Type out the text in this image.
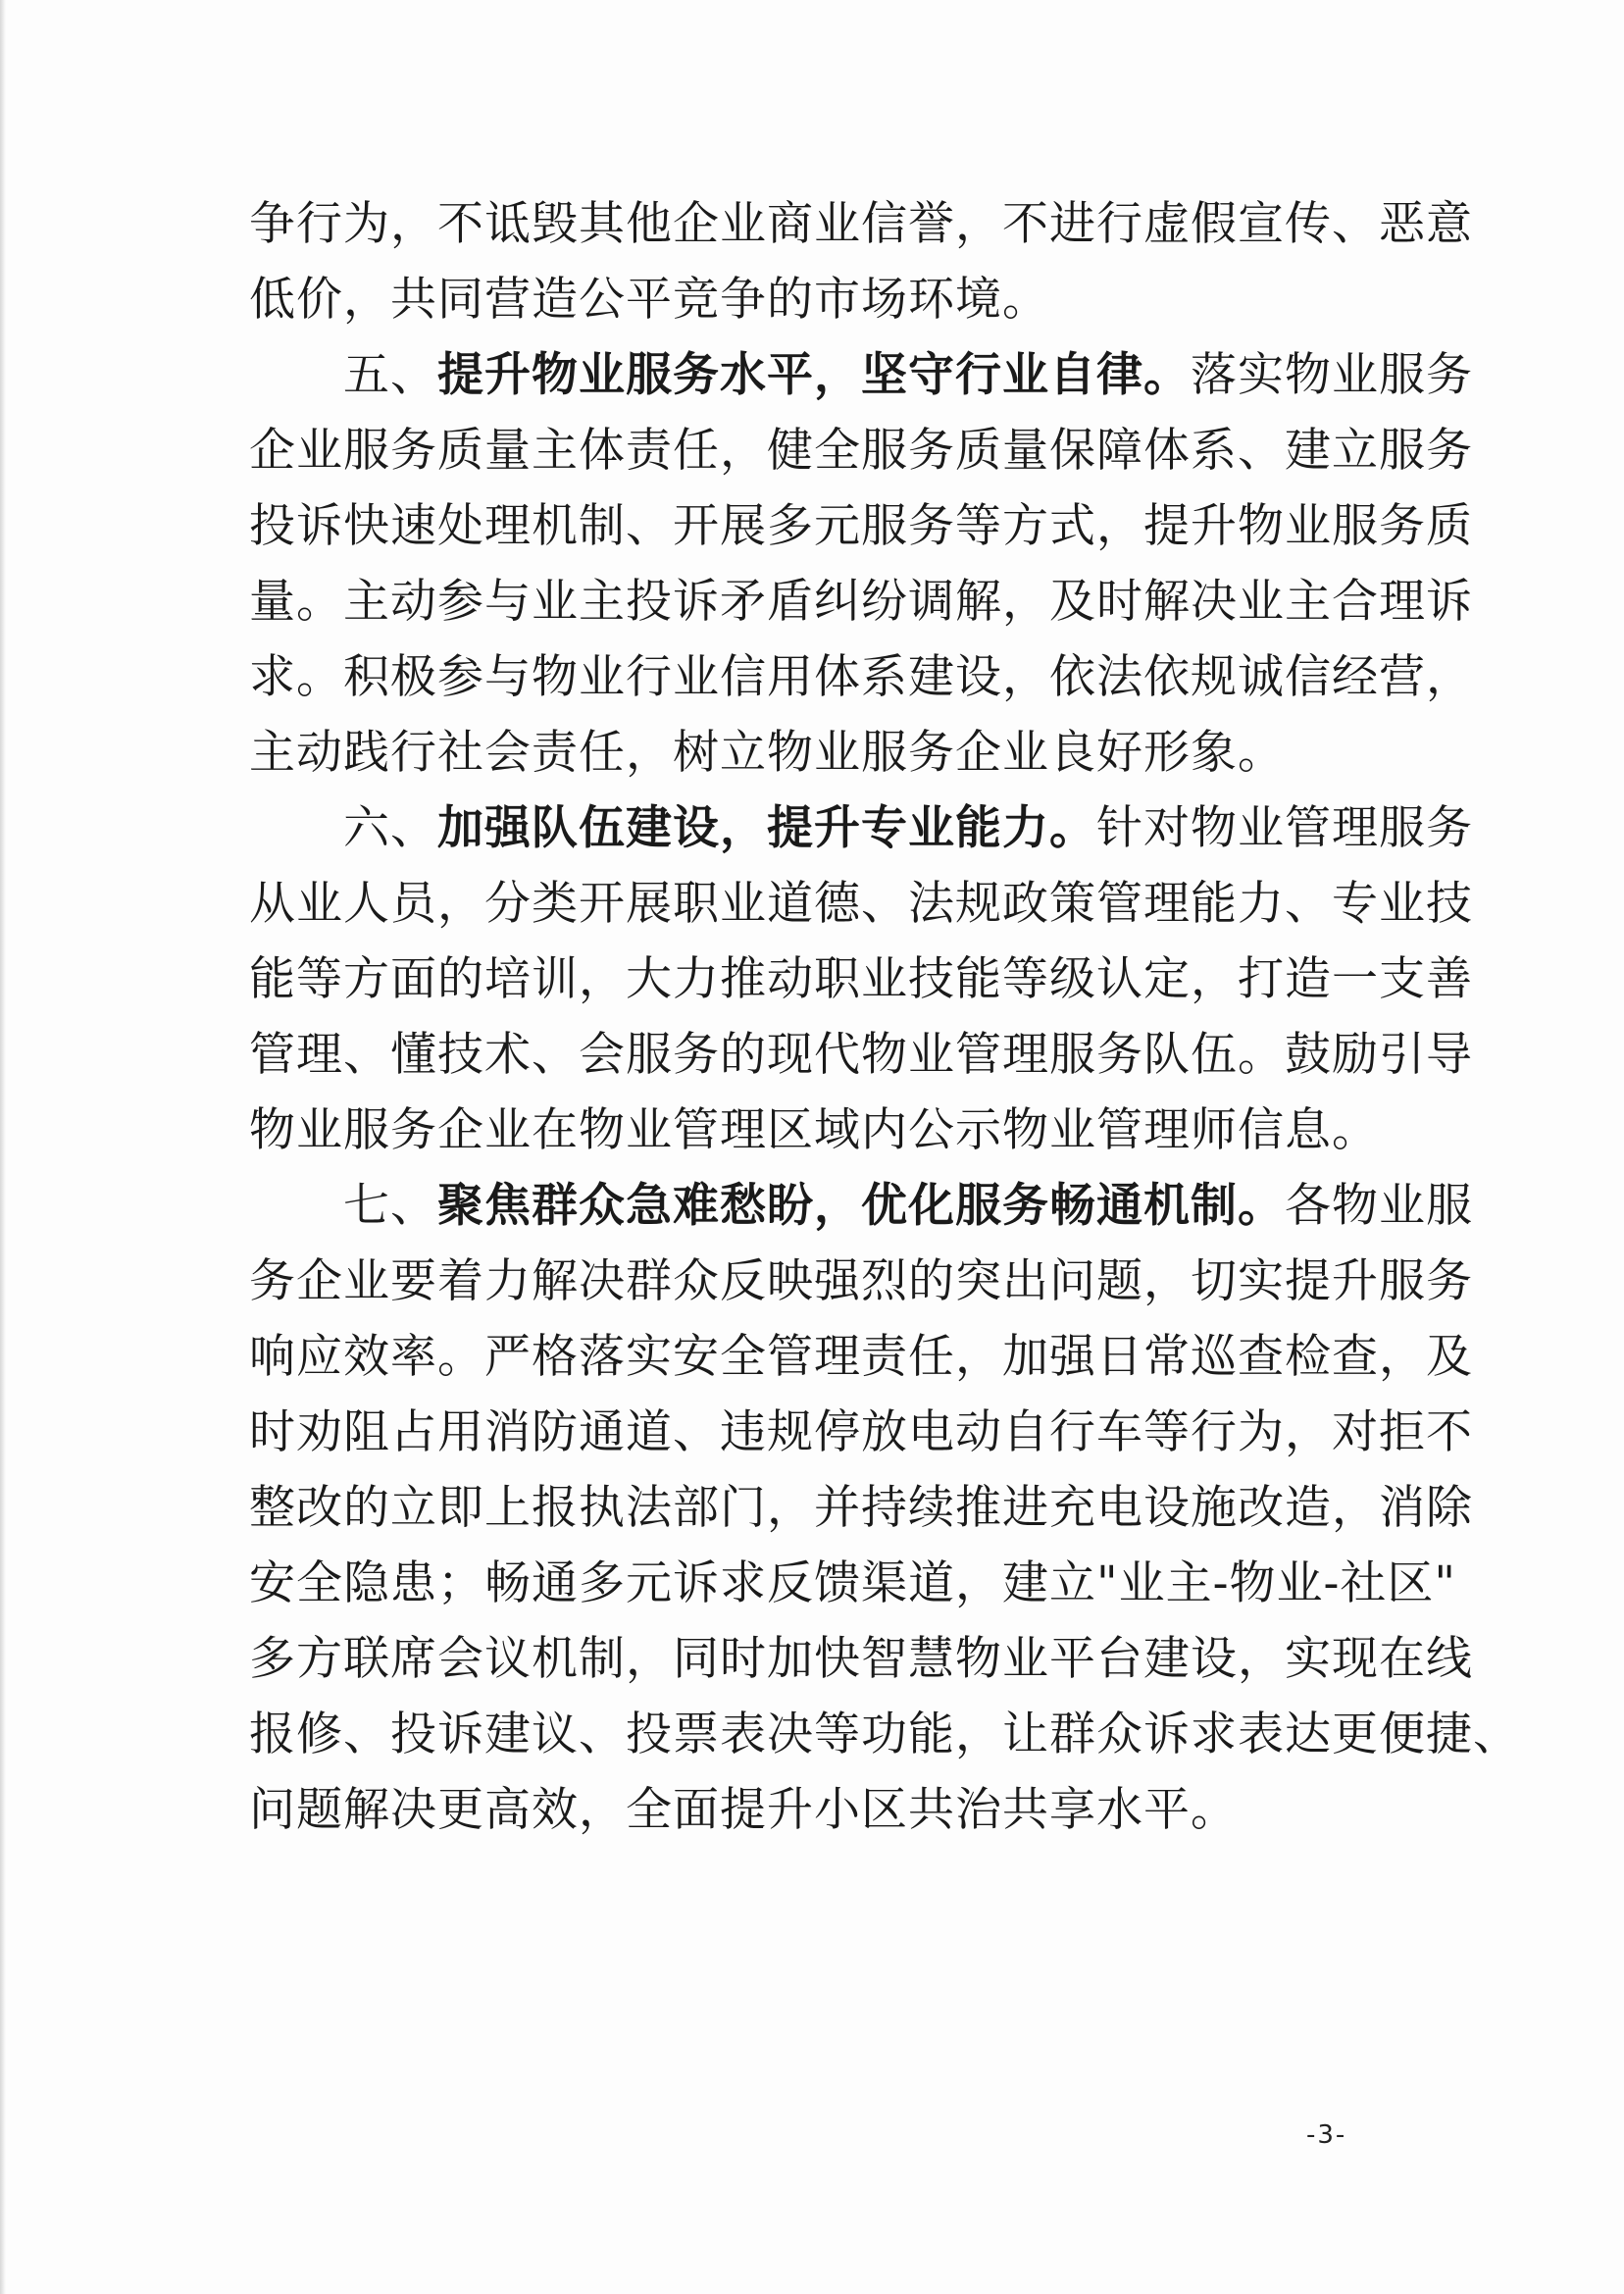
争行为，不诋毁其他企业商业信誉，不进行虚假宣传、恶意
低价，共同营造公平竞争的市场环境。
五、提升物业服务水平，坚守行业自律。落实物业服务
企业服务质量主体责任，健全服务质量保障体系、建立服务
投诉快速处理机制、开展多元服务等方式，提升物业服务质
量。主动参与业主投诉矛盾纠纷调解，及时解决业主合理诉
求。积极参与物业行业信用体系建设，依法依规诚信经营，
主动践行社会责任，树立物业服务企业良好形象。
六、加强队伍建设，提升专业能力。针对物业管理服务
从业人员，分类开展职业道德、法规政策管理能力、专业技
能等方面的培训，大力推动职业技能等级认定，打造一支善
管理、懂技术、会服务的现代物业管理服务队伍。鼓励引导
物业服务企业在物业管理区域内公示物业管理师信息。
七、聚焦群众急难愁盼，优化服务畅通机制。各物业服
务企业要着力解决群众反映强烈的突出问题，切实提升服务
响应效率。严格落实安全管理责任，加强日常巡查检查，及
时劝阻占用消防通道、违规停放电动自行车等行为，对拒不
整改的立即上报执法部门，并持续推进充电设施改造，消除
安全隐患；畅通多元诉求反馈渠道，建立"业主-物业-社区"
多方联席会议机制，同时加快智慧物业平台建设，实现在线
报修、投诉建议、投票表决等功能，让群众诉求表达更便捷、
问题解决更高效，全面提升小区共治共享水平。
-3-
